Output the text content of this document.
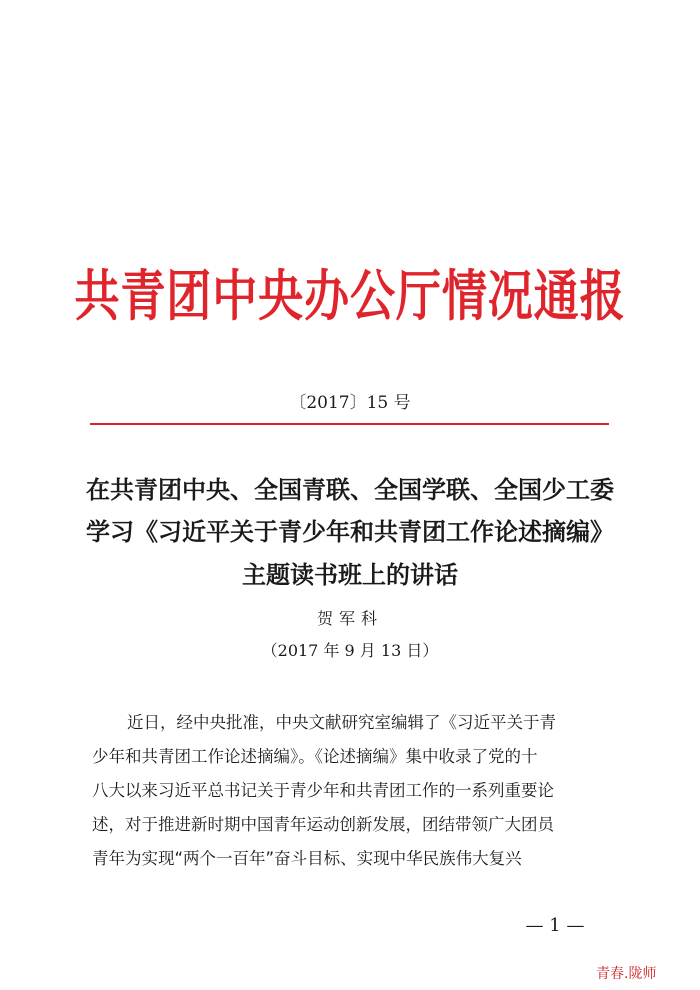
共青团中央办公厅情况通报
〔2017〕15 号
在共青团中央、全国青联、全国学联、全国少工委
学习《习近平关于青少年和共青团工作论述摘编》
主题读书班上的讲话
贺军科
（2017 年 9 月 13 日）
近日，经中央批准，中央文献研究室编辑了《习近平关于青
少年和共青团工作论述摘编》。《论述摘编》集中收录了党的十
八大以来习近平总书记关于青少年和共青团工作的一系列重要论
述，对于推进新时期中国青年运动创新发展，团结带领广大团员
青年为实现“两个一百年”奋斗目标、实现中华民族伟大复兴
— 1 —
青春.陇师
